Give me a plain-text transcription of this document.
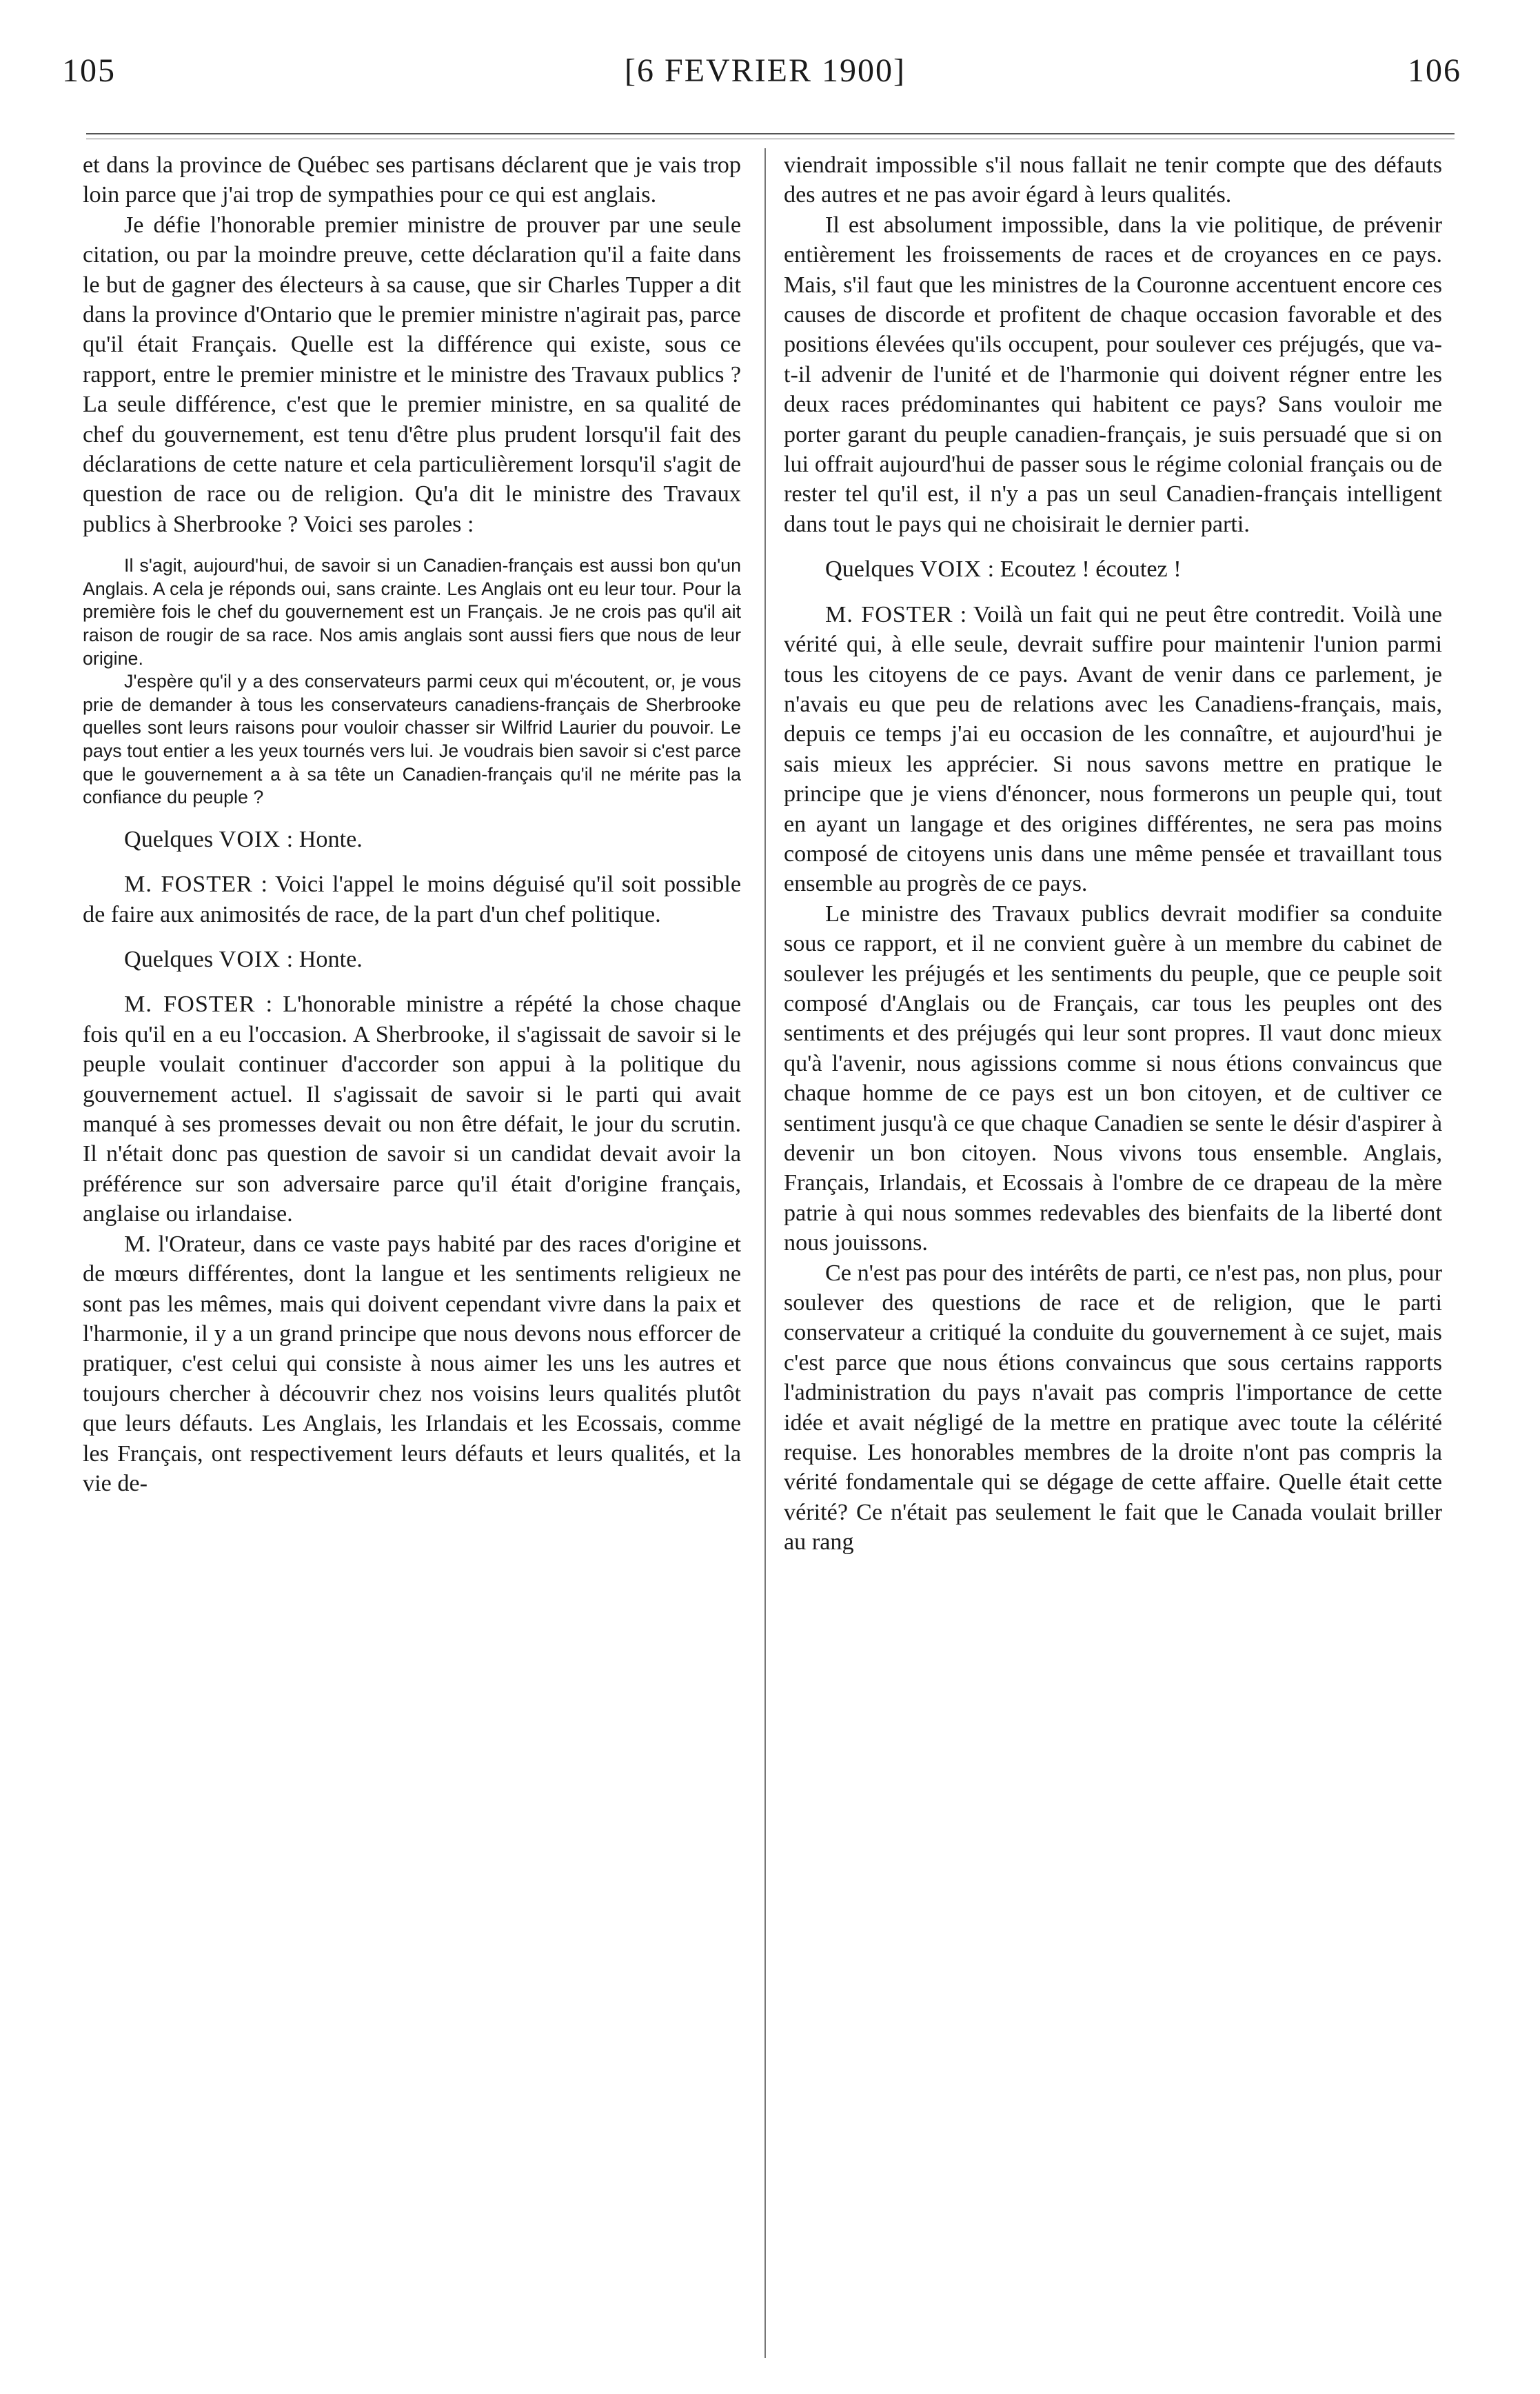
105	[6 FEVRIER 1900]	106

et dans la province de Québec ses partisans déclarent que je vais trop loin parce que j'ai trop de sympathies pour ce qui est anglais.

Je défie l'honorable premier ministre de prouver par une seule citation, ou par la moindre preuve, cette déclaration qu'il a faite dans le but de gagner des électeurs à sa cause, que sir Charles Tupper a dit dans la province d'Ontario que le premier ministre n'agirait pas, parce qu'il était Français. Quelle est la différence qui existe, sous ce rapport, entre le premier ministre et le ministre des Travaux publics ? La seule différence, c'est que le premier ministre, en sa qualité de chef du gouvernement, est tenu d'être plus prudent lorsqu'il fait des déclarations de cette nature et cela particulièrement lorsqu'il s'agit de question de race ou de religion. Qu'a dit le ministre des Travaux publics à Sherbrooke ? Voici ses paroles :

Il s'agit, aujourd'hui, de savoir si un Canadien-français est aussi bon qu'un Anglais. A cela je réponds oui, sans crainte. Les Anglais ont eu leur tour. Pour la première fois le chef du gouvernement est un Français. Je ne crois pas qu'il ait raison de rougir de sa race. Nos amis anglais sont aussi fiers que nous de leur origine.

J'espère qu'il y a des conservateurs parmi ceux qui m'écoutent, or, je vous prie de demander à tous les conservateurs canadiens-français de Sherbrooke quelles sont leurs raisons pour vouloir chasser sir Wilfrid Laurier du pouvoir. Le pays tout entier a les yeux tournés vers lui. Je voudrais bien savoir si c'est parce que le gouvernement a à sa tête un Canadien-français qu'il ne mérite pas la confiance du peuple ?

Quelques VOIX : Honte.

M. FOSTER : Voici l'appel le moins déguisé qu'il soit possible de faire aux animosités de race, de la part d'un chef politique.

Quelques VOIX : Honte.

M. FOSTER : L'honorable ministre a répété la chose chaque fois qu'il en a eu l'occasion. A Sherbrooke, il s'agissait de savoir si le peuple voulait continuer d'accorder son appui à la politique du gouvernement actuel. Il s'agissait de savoir si le parti qui avait manqué à ses promesses devait ou non être défait, le jour du scrutin. Il n'était donc pas question de savoir si un candidat devait avoir la préférence sur son adversaire parce qu'il était d'origine français, anglaise ou irlandaise.

M. l'Orateur, dans ce vaste pays habité par des races d'origine et de mœurs différentes, dont la langue et les sentiments religieux ne sont pas les mêmes, mais qui doivent cependant vivre dans la paix et l'harmonie, il y a un grand principe que nous devons nous efforcer de pratiquer, c'est celui qui consiste à nous aimer les uns les autres et toujours chercher à découvrir chez nos voisins leurs qualités plutôt que leurs défauts. Les Anglais, les Irlandais et les Ecossais, comme les Français, ont respectivement leurs défauts et leurs qualités, et la vie de-

viendrait impossible s'il nous fallait ne tenir compte que des défauts des autres et ne pas avoir égard à leurs qualités.

Il est absolument impossible, dans la vie politique, de prévenir entièrement les froissements de races et de croyances en ce pays. Mais, s'il faut que les ministres de la Couronne accentuent encore ces causes de discorde et profitent de chaque occasion favorable et des positions élevées qu'ils occupent, pour soulever ces préjugés, que va-t-il advenir de l'unité et de l'harmonie qui doivent régner entre les deux races prédominantes qui habitent ce pays? Sans vouloir me porter garant du peuple canadien-français, je suis persuadé que si on lui offrait aujourd'hui de passer sous le régime colonial français ou de rester tel qu'il est, il n'y a pas un seul Canadien-français intelligent dans tout le pays qui ne choisirait le dernier parti.

Quelques VOIX : Ecoutez ! écoutez !

M. FOSTER : Voilà un fait qui ne peut être contredit. Voilà une vérité qui, à elle seule, devrait suffire pour maintenir l'union parmi tous les citoyens de ce pays. Avant de venir dans ce parlement, je n'avais eu que peu de relations avec les Canadiens-français, mais, depuis ce temps j'ai eu occasion de les connaître, et aujourd'hui je sais mieux les apprécier. Si nous savons mettre en pratique le principe que je viens d'énoncer, nous formerons un peuple qui, tout en ayant un langage et des origines différentes, ne sera pas moins composé de citoyens unis dans une même pensée et travaillant tous ensemble au progrès de ce pays.

Le ministre des Travaux publics devrait modifier sa conduite sous ce rapport, et il ne convient guère à un membre du cabinet de soulever les préjugés et les sentiments du peuple, que ce peuple soit composé d'Anglais ou de Français, car tous les peuples ont des sentiments et des préjugés qui leur sont propres. Il vaut donc mieux qu'à l'avenir, nous agissions comme si nous étions convaincus que chaque homme de ce pays est un bon citoyen, et de cultiver ce sentiment jusqu'à ce que chaque Canadien se sente le désir d'aspirer à devenir un bon citoyen. Nous vivons tous ensemble. Anglais, Français, Irlandais, et Ecossais à l'ombre de ce drapeau de la mère patrie à qui nous sommes redevables des bienfaits de la liberté dont nous jouissons.

Ce n'est pas pour des intérêts de parti, ce n'est pas, non plus, pour soulever des questions de race et de religion, que le parti conservateur a critiqué la conduite du gouvernement à ce sujet, mais c'est parce que nous étions convaincus que sous certains rapports l'administration du pays n'avait pas compris l'importance de cette idée et avait négligé de la mettre en pratique avec toute la célérité requise. Les honorables membres de la droite n'ont pas compris la vérité fondamentale qui se dégage de cette affaire. Quelle était cette vérité? Ce n'était pas seulement le fait que le Canada voulait briller au rang
